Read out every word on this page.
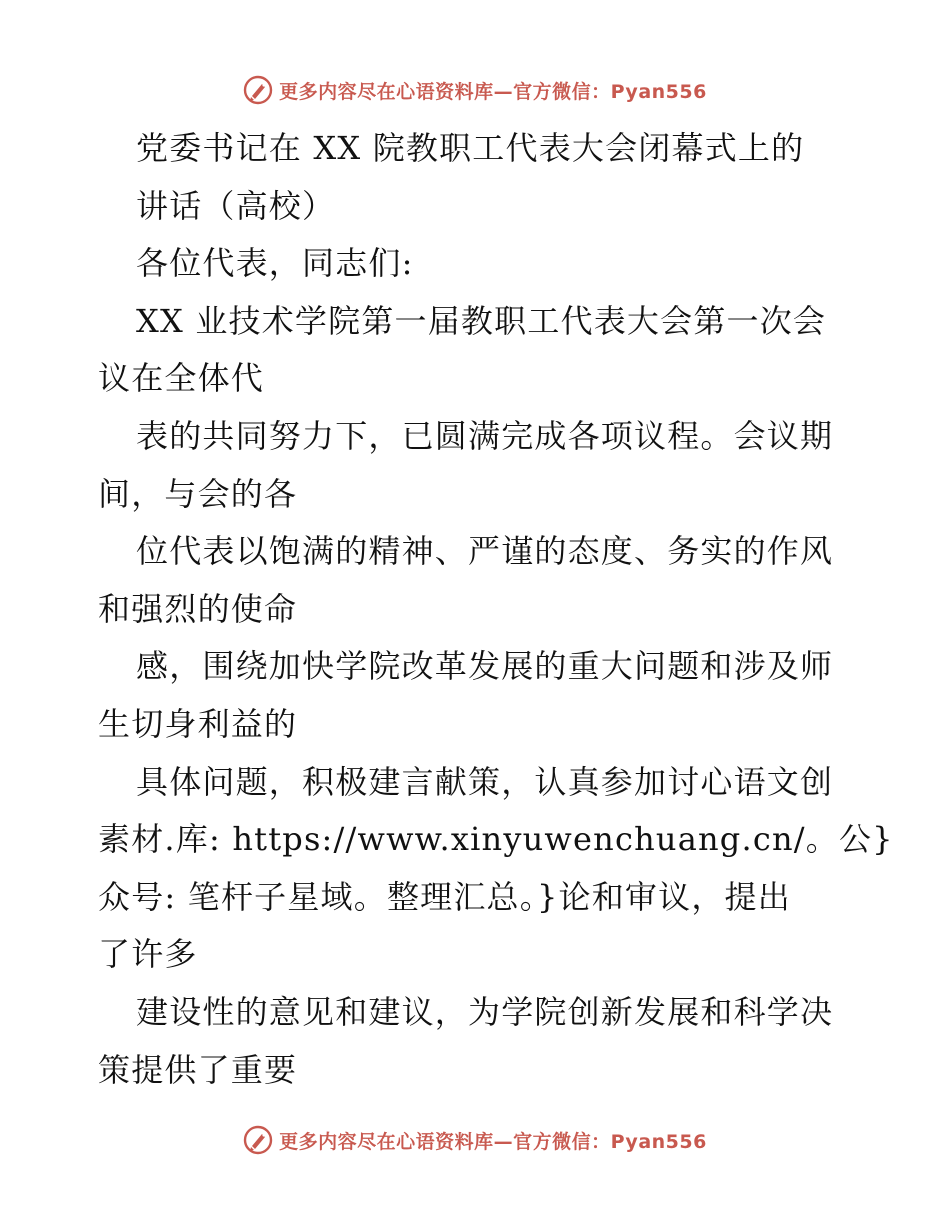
更多内容尽在心语资料库—官方微信：Pyan556
党委书记在 XX 院教职工代表大会闭幕式上的
讲话（高校）
各位代表，同志们:
XX 业技术学院第一届教职工代表大会第一次会
议在全体代
表的共同努力下，已圆满完成各项议程。会议期
间，与会的各
位代表以饱满的精神、严谨的态度、务实的作风
和强烈的使命
感，围绕加快学院改革发展的重大问题和涉及师
生切身利益的
具体问题，积极建言献策，认真参加讨心语文创
素材.库: https://www.xinyuwenchuang.cn/。公}
众号: 笔杆子星域。整理汇总。}论和审议，提出
了许多
建设性的意见和建议，为学院创新发展和科学决
策提供了重要
更多内容尽在心语资料库—官方微信：Pyan556
